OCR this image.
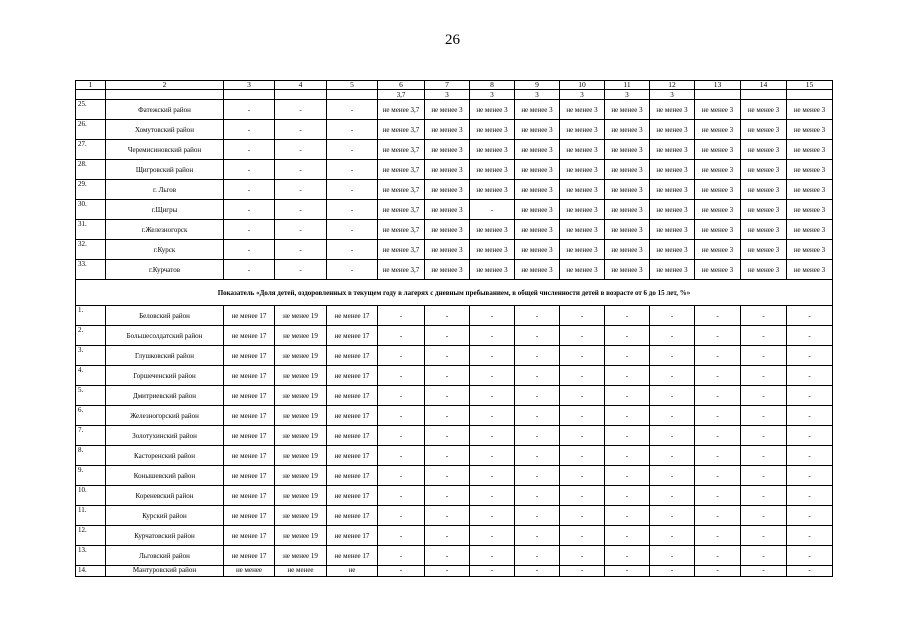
26
1	2	3	4	5	6	7	8	9	10	11	12	13	14	15
					3,7	3	3	3	3	3	3			
25.	Фатежский район	-	-	-	не менее 3,7	не менее 3	не менее 3	не менее 3	не менее 3	не менее 3	не менее 3	не менее 3	не менее 3	не менее 3
26.	Хомутовский район	-	-	-	не менее 3,7	не менее 3	не менее 3	не менее 3	не менее 3	не менее 3	не менее 3	не менее 3	не менее 3	не менее 3
27.	Черемисиновский район	-	-	-	не менее 3,7	не менее 3	не менее 3	не менее 3	не менее 3	не менее 3	не менее 3	не менее 3	не менее 3	не менее 3
28.	Щигровский район	-	-	-	не менее 3,7	не менее 3	не менее 3	не менее 3	не менее 3	не менее 3	не менее 3	не менее 3	не менее 3	не менее 3
29.	г. Льгов	-	-	-	не менее 3,7	не менее 3	не менее 3	не менее 3	не менее 3	не менее 3	не менее 3	не менее 3	не менее 3	не менее 3
30.	г.Щигры	-	-	-	не менее 3,7	не менее 3	-	не менее 3	не менее 3	не менее 3	не менее 3	не менее 3	не менее 3	не менее 3
31.	г.Железногорск	-	-	-	не менее 3,7	не менее 3	не менее 3	не менее 3	не менее 3	не менее 3	не менее 3	не менее 3	не менее 3	не менее 3
32.	г.Курск	-	-	-	не менее 3,7	не менее 3	не менее 3	не менее 3	не менее 3	не менее 3	не менее 3	не менее 3	не менее 3	не менее 3
33.	г.Курчатов	-	-	-	не менее 3,7	не менее 3	не менее 3	не менее 3	не менее 3	не менее 3	не менее 3	не менее 3	не менее 3	не менее 3
Показатель «Доля детей, оздоровленных в текущем году в лагерях с дневным пребыванием, в общей численности детей в возрасте от 6 до 15 лет, %»														
1.	Беловский район	не менее 17	не менее 19	не менее 17	-	-	-	-	-	-	-	-	-	-
2.	Большесолдатский район	не менее 17	не менее 19	не менее 17	-	-	-	-	-	-	-	-	-	-
3.	Глушковский район	не менее 17	не менее 19	не менее 17	-	-	-	-	-	-	-	-	-	-
4.	Горшеченский район	не менее 17	не менее 19	не менее 17	-	-	-	-	-	-	-	-	-	-
5.	Дмитриевский район	не менее 17	не менее 19	не менее 17	-	-	-	-	-	-	-	-	-	-
6.	Железногорский район	не менее 17	не менее 19	не менее 17	-	-	-	-	-	-	-	-	-	-
7.	Золотухинский район	не менее 17	не менее 19	не менее 17	-	-	-	-	-	-	-	-	-	-
8.	Касторенский район	не менее 17	не менее 19	не менее 17	-	-	-	-	-	-	-	-	-	-
9.	Конышевский район	не менее 17	не менее 19	не менее 17	-	-	-	-	-	-	-	-	-	-
10.	Кореневский район	не менее 17	не менее 19	не менее 17	-	-	-	-	-	-	-	-	-	-
11.	Курский район	не менее 17	не менее 19	не менее 17	-	-	-	-	-	-	-	-	-	-
12.	Курчатовский район	не менее 17	не менее 19	не менее 17	-	-	-	-	-	-	-	-	-	-
13.	Льговский район	не менее 17	не менее 19	не менее 17	-	-	-	-	-	-	-	-	-	-
14.	Мантуровский район	не менее	не менее	не	-	-	-	-	-	-	-	-	-	-
